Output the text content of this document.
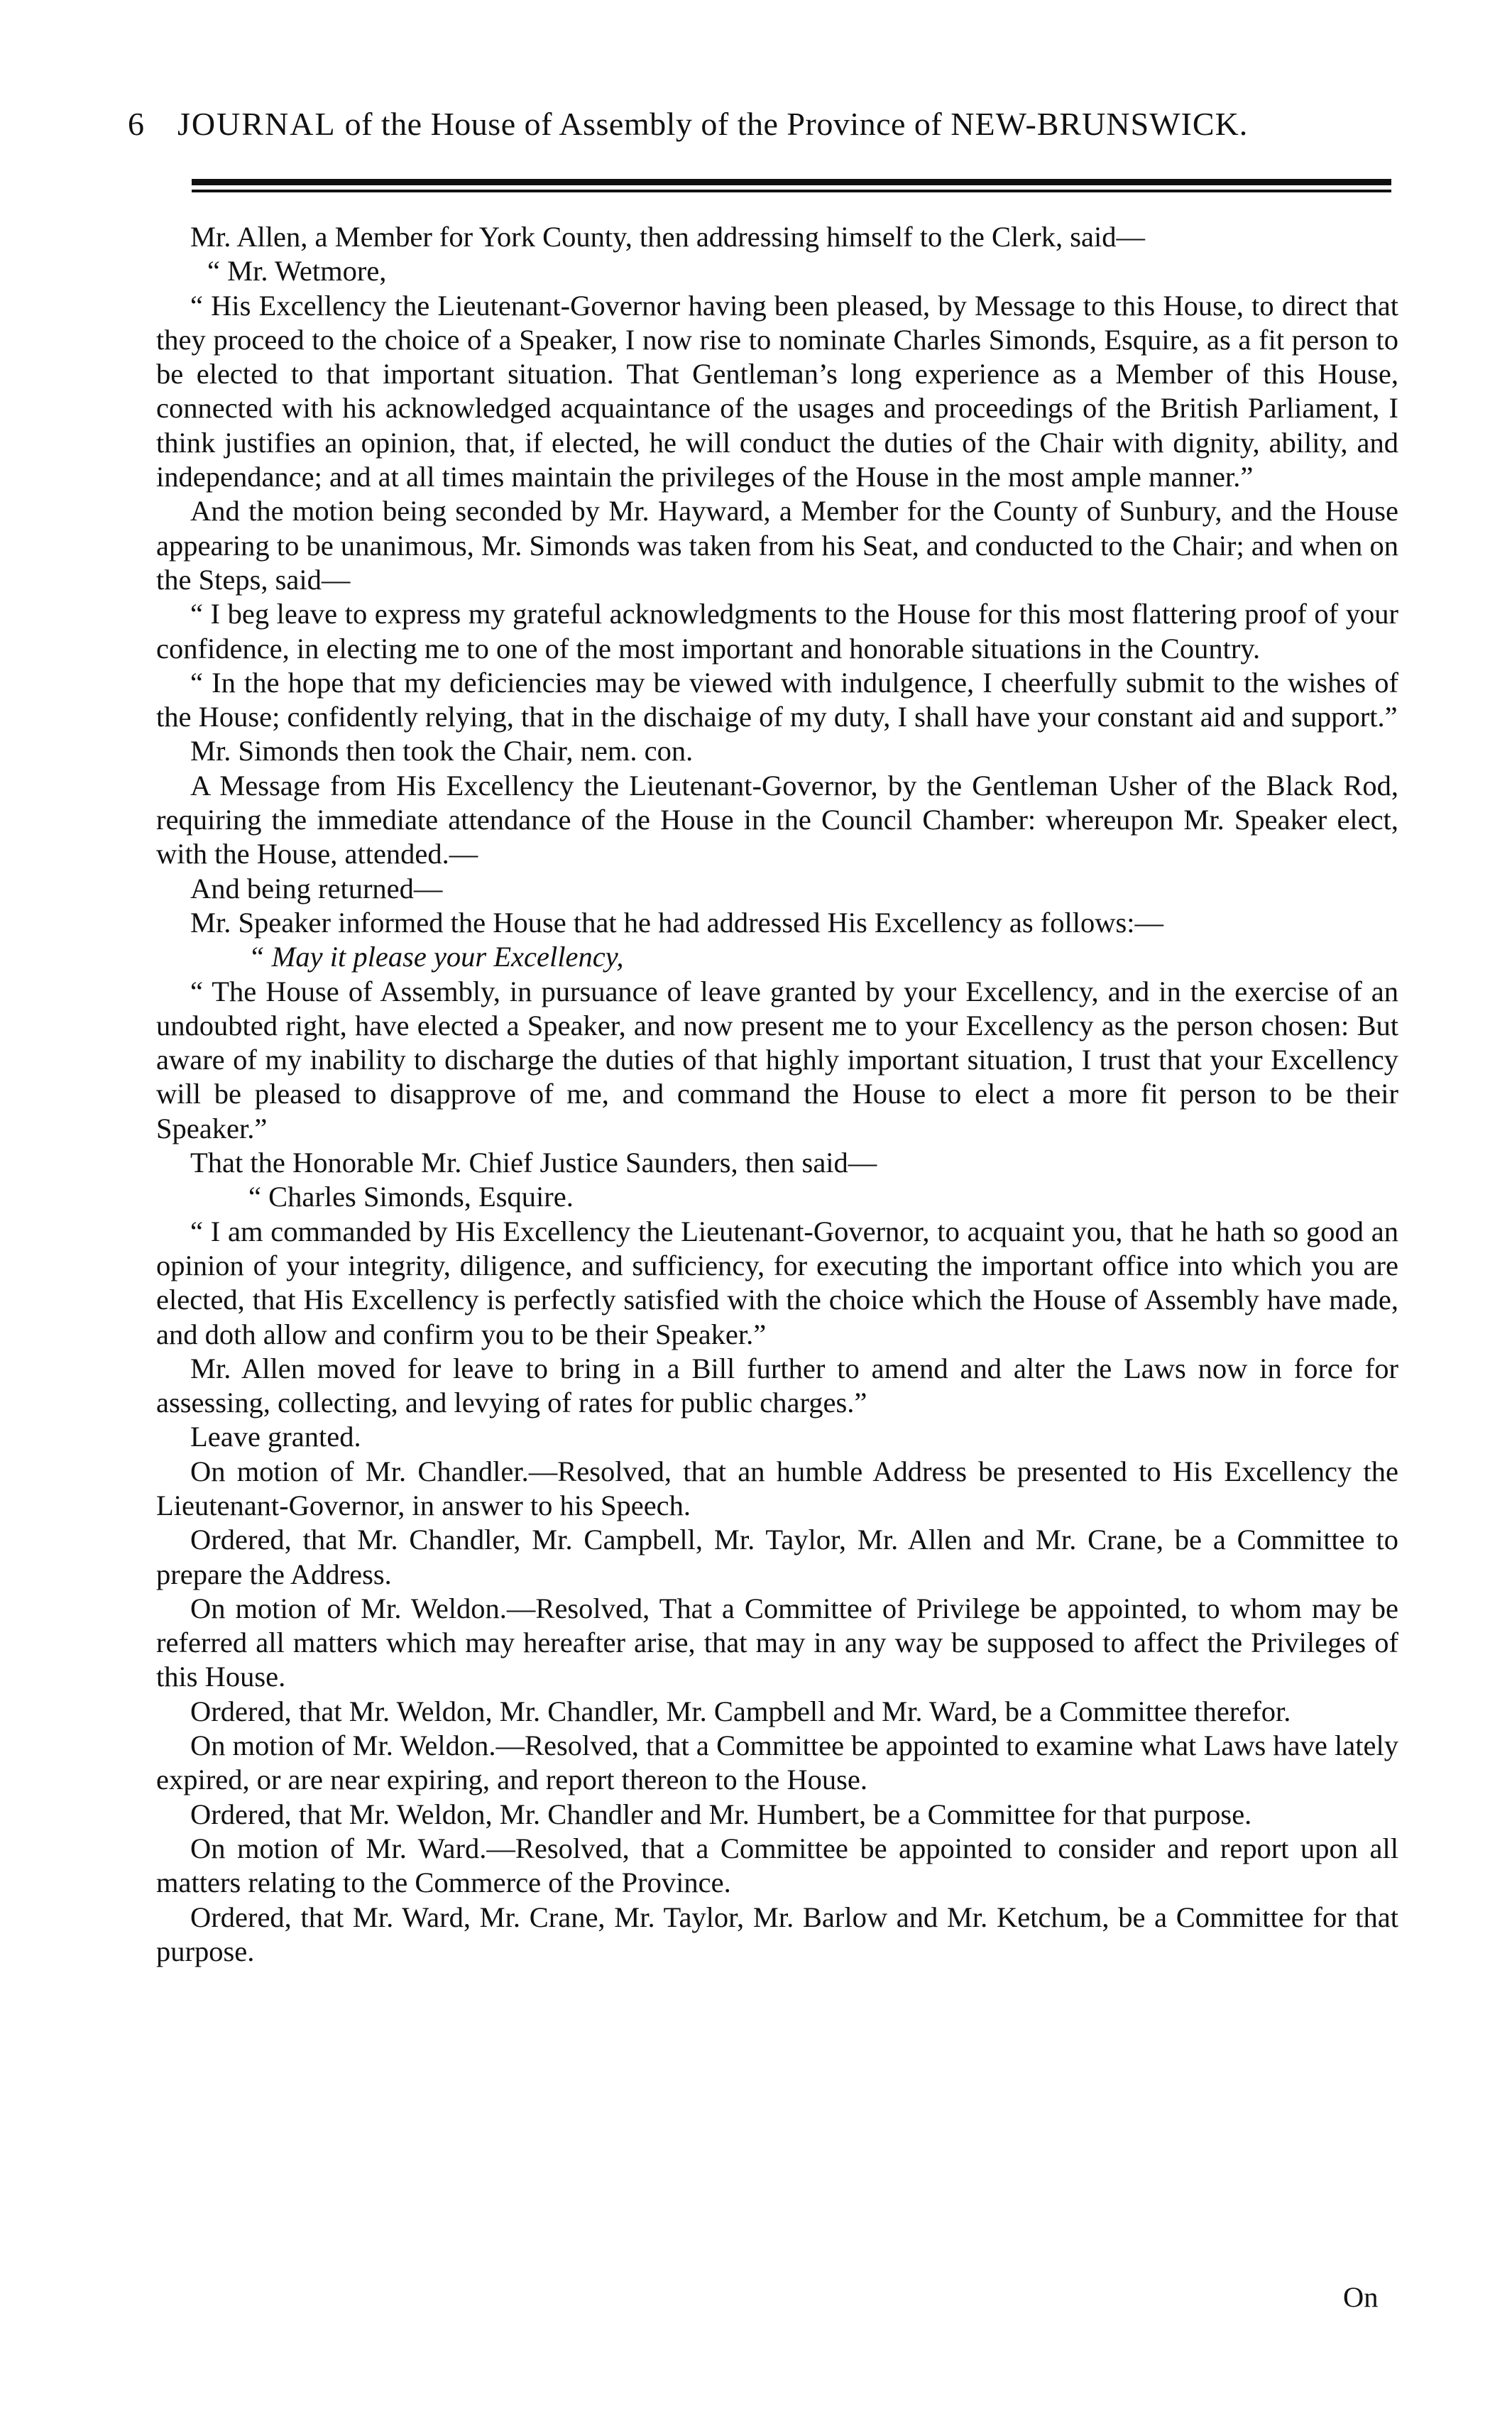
6 JOURNAL of the House of Assembly of the Province of NEW-BRUNSWICK.

Mr. Allen, a Member for York County, then addressing himself to the Clerk, said—

“ Mr. Wetmore,

“ His Excellency the Lieutenant-Governor having been pleased, by Message to this House, to direct that they proceed to the choice of a Speaker, I now rise to nominate Charles Simonds, Esquire, as a fit person to be elected to that important situation. That Gentleman’s long experience as a Member of this House, connected with his acknowledged acquaintance of the usages and proceedings of the British Parliament, I think justifies an opinion, that, if elected, he will conduct the duties of the Chair with dignity, ability, and independance; and at all times maintain the privileges of the House in the most ample manner.”

And the motion being seconded by Mr. Hayward, a Member for the County of Sunbury, and the House appearing to be unanimous, Mr. Simonds was taken from his Seat, and conducted to the Chair; and when on the Steps, said—

“ I beg leave to express my grateful acknowledgments to the House for this most flattering proof of your confidence, in electing me to one of the most important and honorable situations in the Country.

“ In the hope that my deficiencies may be viewed with indulgence, I cheerfully submit to the wishes of the House; confidently relying, that in the dischaige of my duty, I shall have your constant aid and support.”

Mr. Simonds then took the Chair, nem. con.

A Message from His Excellency the Lieutenant-Governor, by the Gentleman Usher of the Black Rod, requiring the immediate attendance of the House in the Council Chamber: whereupon Mr. Speaker elect, with the House, attended.—

And being returned—

Mr. Speaker informed the House that he had addressed His Excellency as follows:—

“ May it please your Excellency,

“ The House of Assembly, in pursuance of leave granted by your Excellency, and in the exercise of an undoubted right, have elected a Speaker, and now present me to your Excellency as the person chosen: But aware of my inability to discharge the duties of that highly important situation, I trust that your Excellency will be pleased to disapprove of me, and command the House to elect a more fit person to be their Speaker.”

That the Honorable Mr. Chief Justice Saunders, then said—

“ Charles Simonds, Esquire.

“ I am commanded by His Excellency the Lieutenant-Governor, to acquaint you, that he hath so good an opinion of your integrity, diligence, and sufficiency, for executing the important office into which you are elected, that His Excellency is perfectly satisfied with the choice which the House of Assembly have made, and doth allow and confirm you to be their Speaker.”

Mr. Allen moved for leave to bring in a Bill further to amend and alter the Laws now in force for assessing, collecting, and levying of rates for public charges.”

Leave granted.

On motion of Mr. Chandler.—Resolved, that an humble Address be presented to His Excellency the Lieutenant-Governor, in answer to his Speech.

Ordered, that Mr. Chandler, Mr. Campbell, Mr. Taylor, Mr. Allen and Mr. Crane, be a Committee to prepare the Address.

On motion of Mr. Weldon.—Resolved, That a Committee of Privilege be appointed, to whom may be referred all matters which may hereafter arise, that may in any way be supposed to affect the Privileges of this House.

Ordered, that Mr. Weldon, Mr. Chandler, Mr. Campbell and Mr. Ward, be a Committee therefor.

On motion of Mr. Weldon.—Resolved, that a Committee be appointed to examine what Laws have lately expired, or are near expiring, and report thereon to the House.

Ordered, that Mr. Weldon, Mr. Chandler and Mr. Humbert, be a Committee for that purpose.

On motion of Mr. Ward.—Resolved, that a Committee be appointed to consider and report upon all matters relating to the Commerce of the Province.

Ordered, that Mr. Ward, Mr. Crane, Mr. Taylor, Mr. Barlow and Mr. Ketchum, be a Committee for that purpose.

On
